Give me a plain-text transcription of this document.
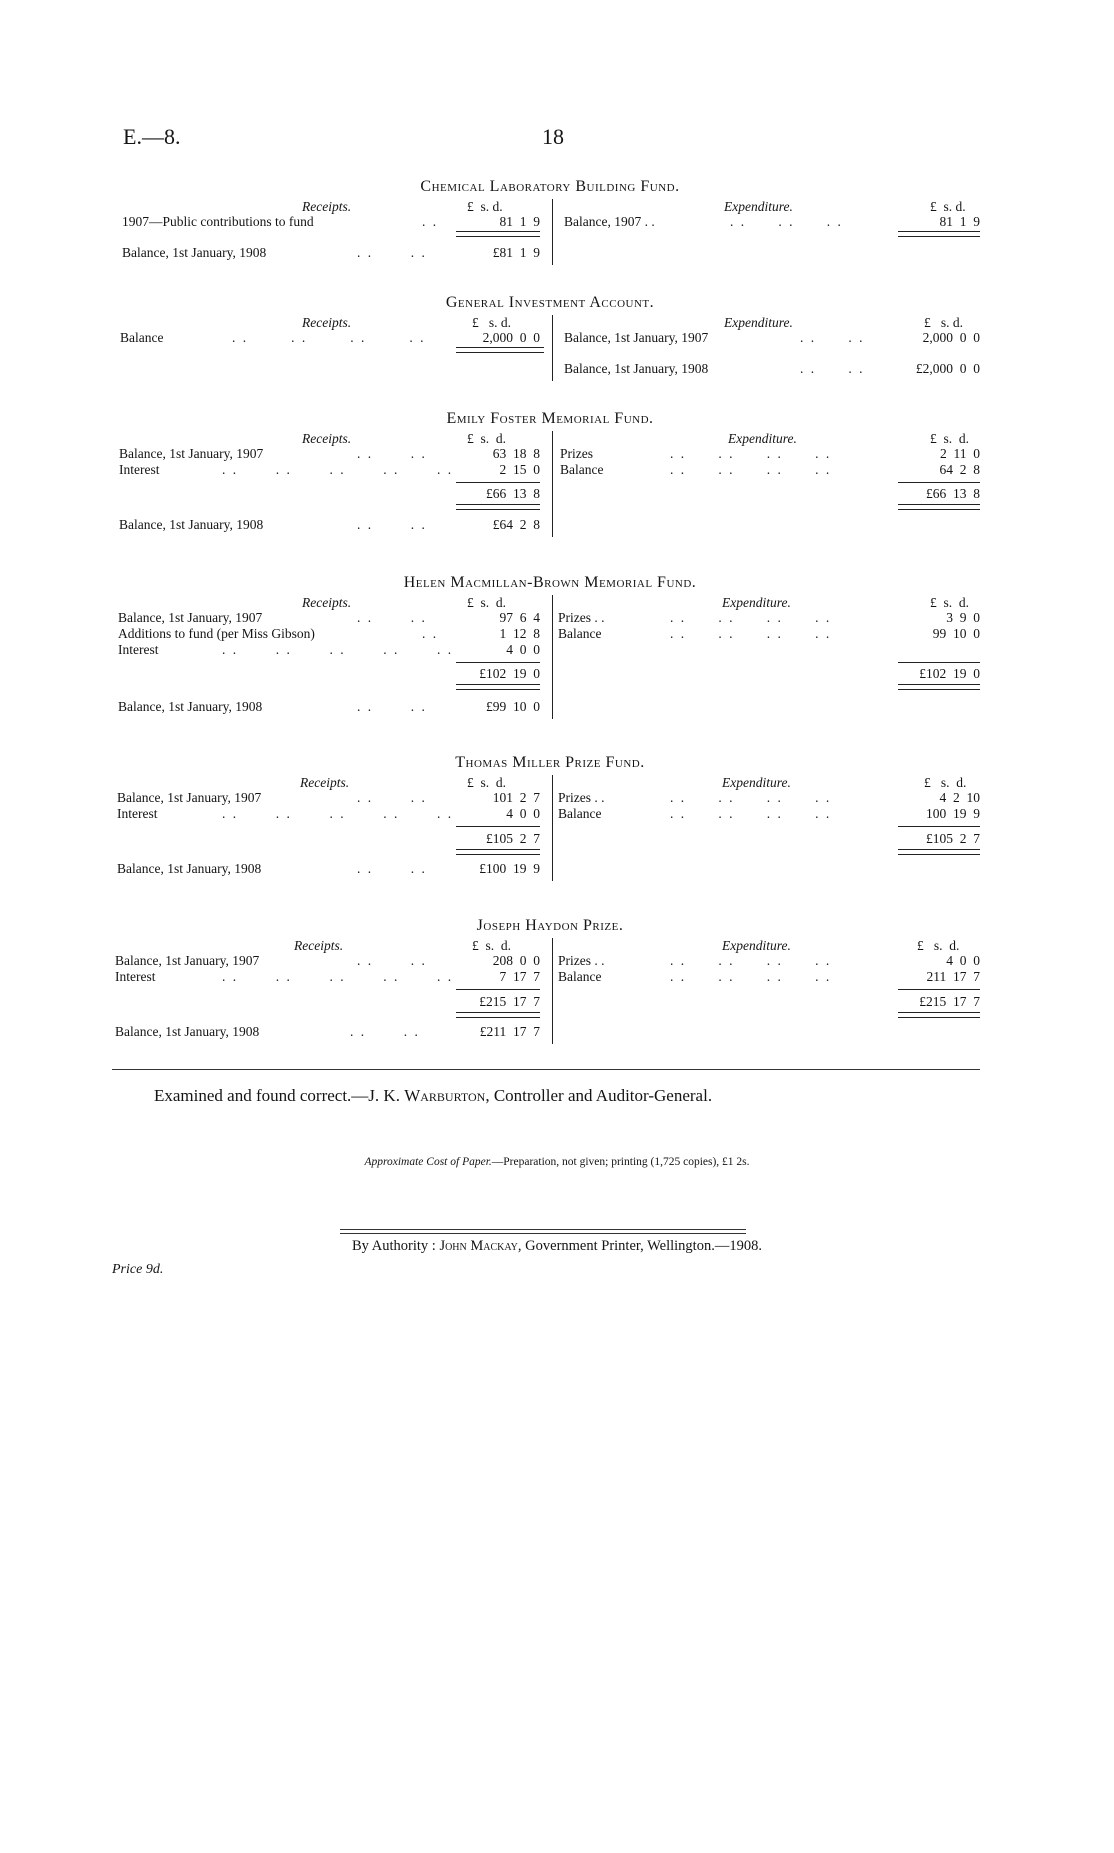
E.—8.	18
Chemical Laboratory Building Fund.
Receipts.	£ s. d.	Expenditure.	£ s. d.
1907—Public contributions to fund	. .	81  1  9 Balance, 1907 . .	. .      . .      . .	81  1  9
Balance, 1st January, 1908	. .       . .	£81  1  9
General Investment Account.
Receipts.	£ s. d.	Expenditure.	£ s. d.
Balance	. .        . .        . .        . .	2,000  0  0 Balance, 1st January, 1907	. .      . .	2,000  0  0
Balance, 1st January, 1908	. .      . .	£2,000  0  0
Emily Foster Memorial Fund.
Receipts.	£ s. d.	Expenditure.	£ s. d.
Balance, 1st January, 1907	. .       . .	63  18  8
Interest	. .       . .       . .       . .       . .	2  15  0
Prizes	. .      . .      . .      . .	2  11  0
Balance	. .      . .      . .      . .	64  2  8
£66  13  8	£66  13  8
Balance, 1st January, 1908	. .       . .	£64  2  8
Helen Macmillan-Brown Memorial Fund.
Receipts.	£ s. d.	Expenditure.	£ s. d.
Balance, 1st January, 1907	. .       . .	97  6  4
Additions to fund (per Miss Gibson)	. .	1  12  8
Interest	. .       . .       . .       . .       . .	4  0  0
Prizes . .	. .      . .      . .      . .	3  9  0
Balance	. .      . .      . .      . .	99  10  0
£102  19  0	£102  19  0
Balance, 1st January, 1908	. .       . .	£99  10  0
Thomas Miller Prize Fund.
Receipts.	£ s. d.	Expenditure.	£ s. d.
Balance, 1st January, 1907	. .       . .	101  2  7
Interest	. .       . .       . .       . .       . .	4  0  0
Prizes . .	. .      . .      . .      . .	4  2  10
Balance	. .      . .      . .      . .	100  19  9
£105  2  7	£105  2  7
Balance, 1st January, 1908	. .       . .	£100  19  9
Joseph Haydon Prize.
Receipts.	£ s. d.	Expenditure.	£ s. d.
Balance, 1st January, 1907	. .       . .	208  0  0
Interest	. .       . .       . .       . .       . .	7  17  7
Prizes . .	. .      . .      . .      . .	4  0  0
Balance	. .      . .      . .      . .	211  17  7
£215  17  7	£215  17  7
Balance, 1st January, 1908	. .       . .	£211  17  7
Examined and found correct.—J. K. Warburton, Controller and Auditor-General.
Approximate Cost of Paper.—Preparation, not given; printing (1,725 copies), £1 2s.
By Authority : John Mackay, Government Printer, Wellington.—1908.
Price 9d.
